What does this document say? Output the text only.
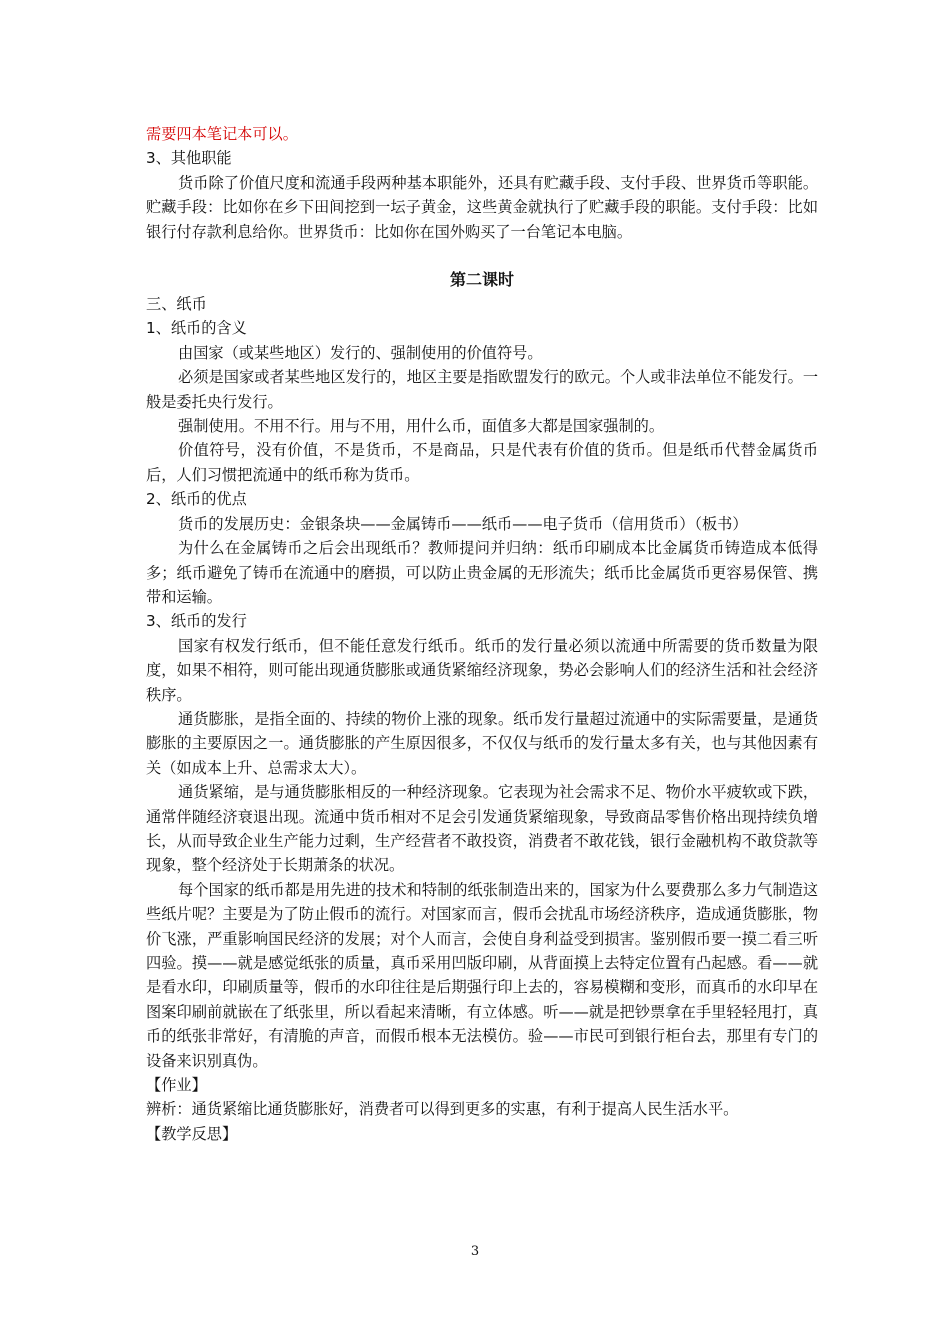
需要四本笔记本可以。

3、其他职能

货币除了价值尺度和流通手段两种基本职能外，还具有贮藏手段、支付手段、世界货币等职能。贮藏手段：比如你在乡下田间挖到一坛子黄金，这些黄金就执行了贮藏手段的职能。支付手段：比如银行付存款利息给你。世界货币：比如你在国外购买了一台笔记本电脑。

第二课时

三、纸币

1、纸币的含义

由国家（或某些地区）发行的、强制使用的价值符号。

必须是国家或者某些地区发行的，地区主要是指欧盟发行的欧元。个人或非法单位不能发行。一般是委托央行发行。

强制使用。不用不行。用与不用，用什么币，面值多大都是国家强制的。

价值符号，没有价值，不是货币，不是商品，只是代表有价值的货币。但是纸币代替金属货币后，人们习惯把流通中的纸币称为货币。

2、纸币的优点

货币的发展历史：金银条块——金属铸币——纸币——电子货币（信用货币）（板书）

为什么在金属铸币之后会出现纸币？教师提问并归纳：纸币印刷成本比金属货币铸造成本低得多；纸币避免了铸币在流通中的磨损，可以防止贵金属的无形流失；纸币比金属货币更容易保管、携带和运输。

3、纸币的发行

国家有权发行纸币，但不能任意发行纸币。纸币的发行量必须以流通中所需要的货币数量为限度，如果不相符，则可能出现通货膨胀或通货紧缩经济现象，势必会影响人们的经济生活和社会经济秩序。

通货膨胀，是指全面的、持续的物价上涨的现象。纸币发行量超过流通中的实际需要量，是通货膨胀的主要原因之一。通货膨胀的产生原因很多，不仅仅与纸币的发行量太多有关，也与其他因素有关（如成本上升、总需求太大）。

通货紧缩，是与通货膨胀相反的一种经济现象。它表现为社会需求不足、物价水平疲软或下跌，通常伴随经济衰退出现。流通中货币相对不足会引发通货紧缩现象，导致商品零售价格出现持续负增长，从而导致企业生产能力过剩，生产经营者不敢投资，消费者不敢花钱，银行金融机构不敢贷款等现象，整个经济处于长期萧条的状况。

每个国家的纸币都是用先进的技术和特制的纸张制造出来的，国家为什么要费那么多力气制造这些纸片呢？主要是为了防止假币的流行。对国家而言，假币会扰乱市场经济秩序，造成通货膨胀，物价飞涨，严重影响国民经济的发展；对个人而言，会使自身利益受到损害。鉴别假币要一摸二看三听四验。摸——就是感觉纸张的质量，真币采用凹版印刷，从背面摸上去特定位置有凸起感。看——就是看水印，印刷质量等，假币的水印往往是后期强行印上去的，容易模糊和变形，而真币的水印早在图案印刷前就嵌在了纸张里，所以看起来清晰，有立体感。听——就是把钞票拿在手里轻轻甩打，真币的纸张非常好，有清脆的声音，而假币根本无法模仿。验——市民可到银行柜台去，那里有专门的设备来识别真伪。

【作业】

辨析：通货紧缩比通货膨胀好，消费者可以得到更多的实惠，有利于提高人民生活水平。

【教学反思】

3
